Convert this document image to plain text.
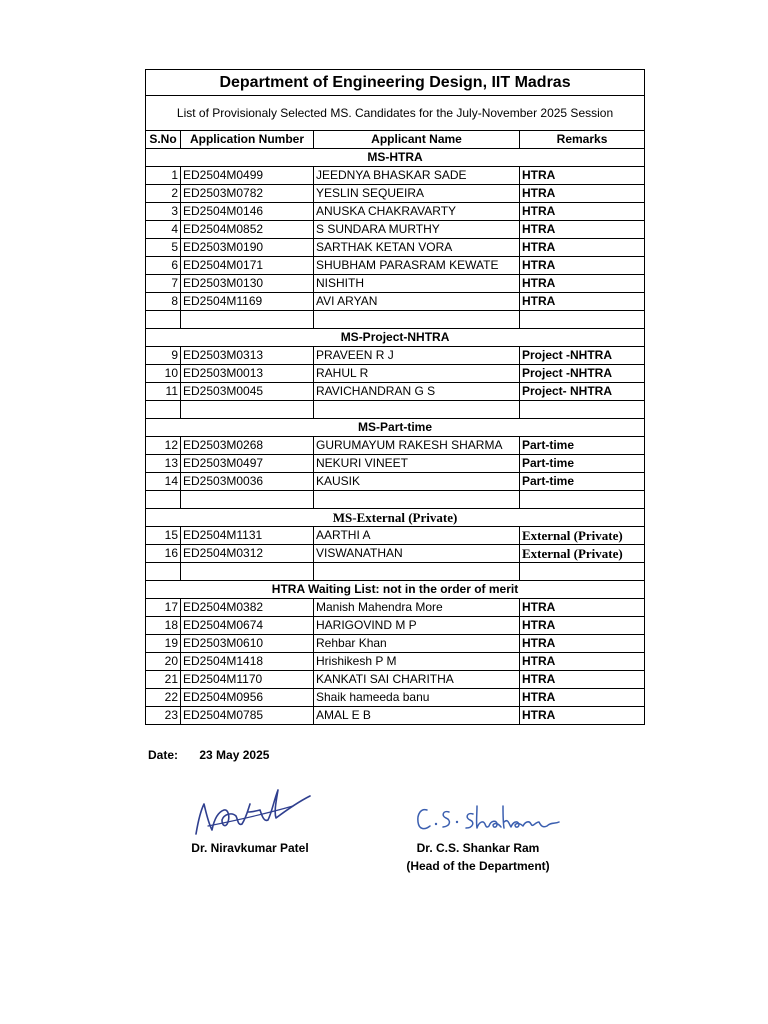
Department of Engineering Design, IIT Madras			
List of Provisionaly Selected MS. Candidates for the July-November 2025 Session			
S.No	Application Number	Applicant Name	Remarks
MS-HTRA			
1	ED2504M0499	JEEDNYA BHASKAR SADE	HTRA
2	ED2503M0782	YESLIN SEQUEIRA	HTRA
3	ED2504M0146	ANUSKA CHAKRAVARTY	HTRA
4	ED2504M0852	S SUNDARA MURTHY	HTRA
5	ED2503M0190	SARTHAK KETAN VORA	HTRA
6	ED2504M0171	SHUBHAM PARASRAM KEWATE	HTRA
7	ED2503M0130	NISHITH	HTRA
8	ED2504M1169	AVI ARYAN	HTRA

MS-Project-NHTRA			
9	ED2503M0313	PRAVEEN R J	Project -NHTRA
10	ED2503M0013	RAHUL R	Project -NHTRA
11	ED2503M0045	RAVICHANDRAN G S	Project- NHTRA

MS-Part-time			
12	ED2503M0268	GURUMAYUM RAKESH SHARMA	Part-time
13	ED2503M0497	NEKURI VINEET	Part-time
14	ED2503M0036	KAUSIK	Part-time

MS-External (Private)			
15	ED2504M1131	AARTHI A	External (Private)
16	ED2504M0312	VISWANATHAN	External (Private)

HTRA Waiting List: not in the order of merit			
17	ED2504M0382	Manish Mahendra More	HTRA
18	ED2504M0674	HARIGOVIND M P	HTRA
19	ED2503M0610	Rehbar Khan	HTRA
20	ED2504M1418	Hrishikesh P M	HTRA
21	ED2504M1170	KANKATI SAI CHARITHA	HTRA
22	ED2504M0956	Shaik hameeda banu	HTRA
23	ED2504M0785	AMAL E B	HTRA
Date: 23 May 2025
Dr. Niravkumar Patel	Dr. C.S. Shankar Ram
(Head of the Department)
